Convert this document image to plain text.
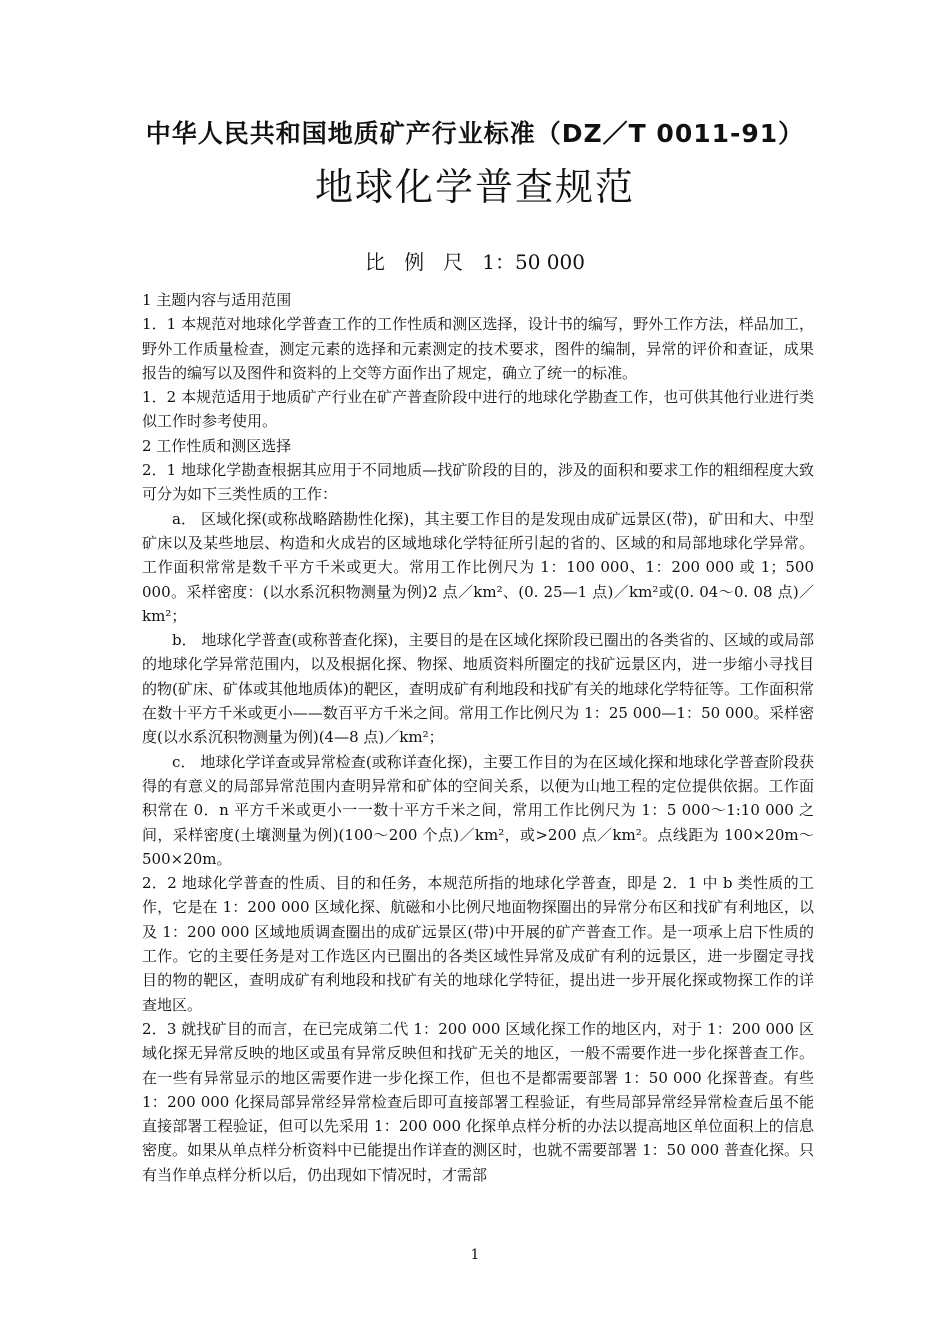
中华人民共和国地质矿产行业标准（DZ／T 0011-91）
地球化学普查规范
比   例   尺   1：50 000

1 主题内容与适用范围

1．1 本规范对地球化学普查工作的工作性质和测区选择，设计书的编写，野外工作方法，样品加工，野外工作质量检查，测定元素的选择和元素测定的技术要求，图件的编制，异常的评价和查证，成果报告的编写以及图件和资料的上交等方面作出了规定，确立了统一的标准。

1．2 本规范适用于地质矿产行业在矿产普查阶段中进行的地球化学勘查工作，也可供其他行业进行类似工作时参考使用。

2 工作性质和测区选择

2．1 地球化学勘查根据其应用于不同地质—找矿阶段的目的，涉及的面积和要求工作的粗细程度大致可分为如下三类性质的工作：

a． 区域化探(或称战略踏勘性化探)，其主要工作目的是发现由成矿远景区(带)，矿田和大、中型矿床以及某些地层、构造和火成岩的区域地球化学特征所引起的省的、区域的和局部地球化学异常。工作面积常常是数千平方千米或更大。常用工作比例尺为 1：100 000、1：200 000 或 1；500 000。采样密度：(以水系沉积物测量为例)2 点／km²、(0. 25—1 点)／km²或(0. 04～0. 08 点)／km²；

b． 地球化学普查(或称普查化探)，主要目的是在区域化探阶段已圈出的各类省的、区域的或局部的地球化学异常范围内，以及根据化探、物探、地质资料所圈定的找矿远景区内，进一步缩小寻找目的物(矿床、矿体或其他地质体)的靶区，查明成矿有利地段和找矿有关的地球化学特征等。工作面积常在数十平方千米或更小——数百平方千米之间。常用工作比例尺为 1：25 000—1：50 000。采样密度(以水系沉积物测量为例)(4—8 点)／km²；

c． 地球化学详查或异常检查(或称详查化探)，主要工作目的为在区域化探和地球化学普查阶段获得的有意义的局部异常范围内查明异常和矿体的空间关系，以便为山地工程的定位提供依据。工作面积常在 0．n 平方千米或更小一一数十平方千米之间，常用工作比例尺为 1：5 000～1:10 000 之间，采样密度(土壤测量为例)(100～200 个点)／km²，或>200 点／km²。点线距为 100×20m～500×20m。

2．2 地球化学普查的性质、目的和任务，本规范所指的地球化学普查，即是 2．1 中 b 类性质的工作，它是在 1：200 000 区域化探、航磁和小比例尺地面物探圈出的异常分布区和找矿有利地区，以及 1：200 000 区域地质调查圈出的成矿远景区(带)中开展的矿产普查工作。是一项承上启下性质的工作。它的主要任务是对工作选区内已圈出的各类区域性异常及成矿有利的远景区，进一步圈定寻找目的物的靶区，查明成矿有利地段和找矿有关的地球化学特征，提出进一步开展化探或物探工作的详查地区。

2．3 就找矿目的而言，在已完成第二代 1：200 000 区域化探工作的地区内，对于 1：200 000 区域化探无异常反映的地区或虽有异常反映但和找矿无关的地区，一般不需要作进一步化探普查工作。在一些有异常显示的地区需要作进一步化探工作，但也不是都需要部署 1：50 000 化探普查。有些 1：200 000 化探局部异常经异常检查后即可直接部署工程验证，有些局部异常经异常检查后虽不能直接部署工程验证，但可以先采用 1：200 000 化探单点样分析的办法以提高地区单位面积上的信息密度。如果从单点样分析资料中已能提出作详查的测区时，也就不需要部署 1：50 000 普查化探。只有当作单点样分析以后，仍出现如下情况时，才需部

1
